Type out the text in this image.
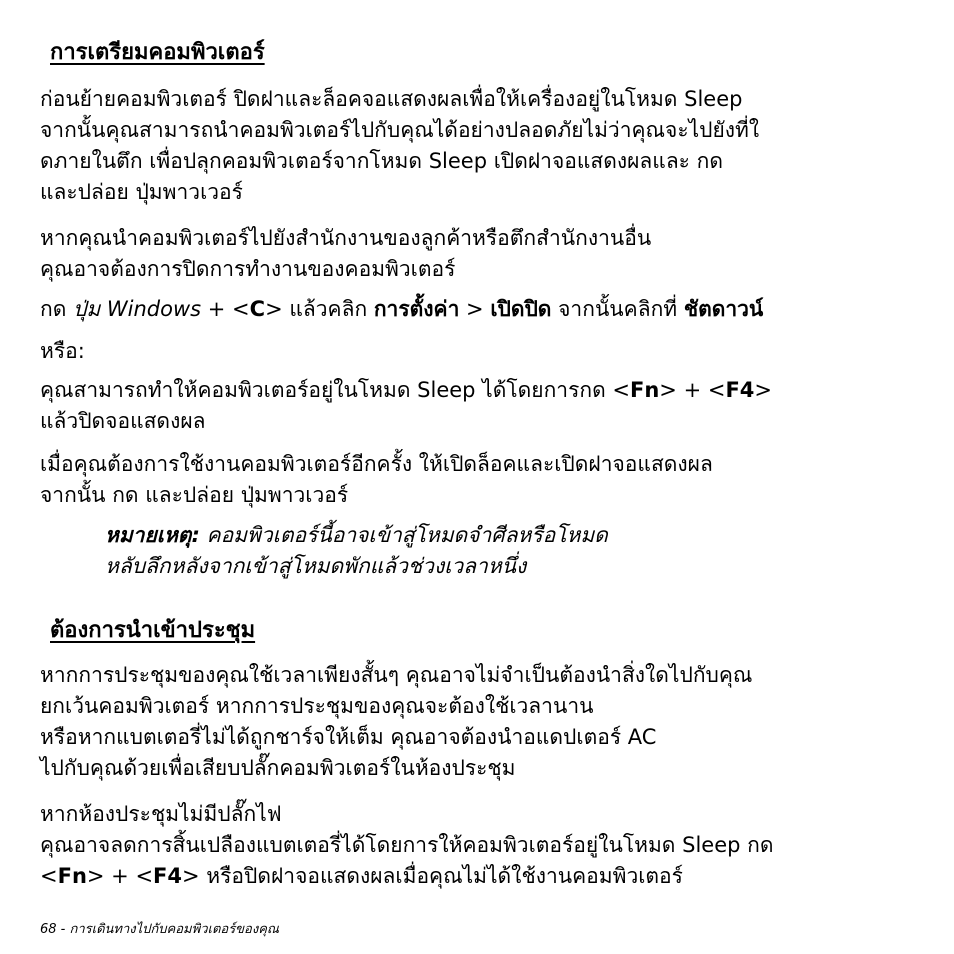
การเตรียมคอมพิวเตอร์

ก่อนย้ายคอมพิวเตอร์ ปิดฝาและล็อคจอแสดงผลเพื่อให้เครื่องอยู่ในโหมด Sleep
จากนั้นคุณสามารถนำคอมพิวเตอร์ไปกับคุณได้อย่างปลอดภัยไม่ว่าคุณจะไปยังที่ใ
ดภายในตึก เพื่อปลุกคอมพิวเตอร์จากโหมด Sleep เปิดฝาจอแสดงผลและ กด
และปล่อย ปุ่มพาวเวอร์

หากคุณนำคอมพิวเตอร์ไปยังสำนักงานของลูกค้าหรือตึกสำนักงานอื่น
คุณอาจต้องการปิดการทำงานของคอมพิวเตอร์

กด ปุ่ม Windows + <C> แล้วคลิก การตั้งค่า > เปิดปิด จากนั้นคลิกที่ ชัตดาวน์

หรือ:

คุณสามารถทำให้คอมพิวเตอร์อยู่ในโหมด Sleep ได้โดยการกด <Fn> + <F4>
แล้วปิดจอแสดงผล

เมื่อคุณต้องการใช้งานคอมพิวเตอร์อีกครั้ง ให้เปิดล็อคและเปิดฝาจอแสดงผล
จากนั้น กด และปล่อย ปุ่มพาวเวอร์

หมายเหตุ: คอมพิวเตอร์นี้อาจเข้าสู่โหมดจำศีลหรือโหมด
หลับลึกหลังจากเข้าสู่โหมดพักแล้วช่วงเวลาหนึ่ง

ต้องการนำเข้าประชุม

หากการประชุมของคุณใช้เวลาเพียงสั้นๆ คุณอาจไม่จำเป็นต้องนำสิ่งใดไปกับคุณ
ยกเว้นคอมพิวเตอร์ หากการประชุมของคุณจะต้องใช้เวลานาน
หรือหากแบตเตอรี่ไม่ได้ถูกชาร์จให้เต็ม คุณอาจต้องนำอแดปเตอร์ AC
ไปกับคุณด้วยเพื่อเสียบปลั๊กคอมพิวเตอร์ในห้องประชุม

หากห้องประชุมไม่มีปลั๊กไฟ
คุณอาจลดการสิ้นเปลืองแบตเตอรี่ได้โดยการให้คอมพิวเตอร์อยู่ในโหมด Sleep กด
<Fn> + <F4> หรือปิดฝาจอแสดงผลเมื่อคุณไม่ได้ใช้งานคอมพิวเตอร์

68 - การเดินทางไปกับคอมพิวเตอร์ของคุณ
